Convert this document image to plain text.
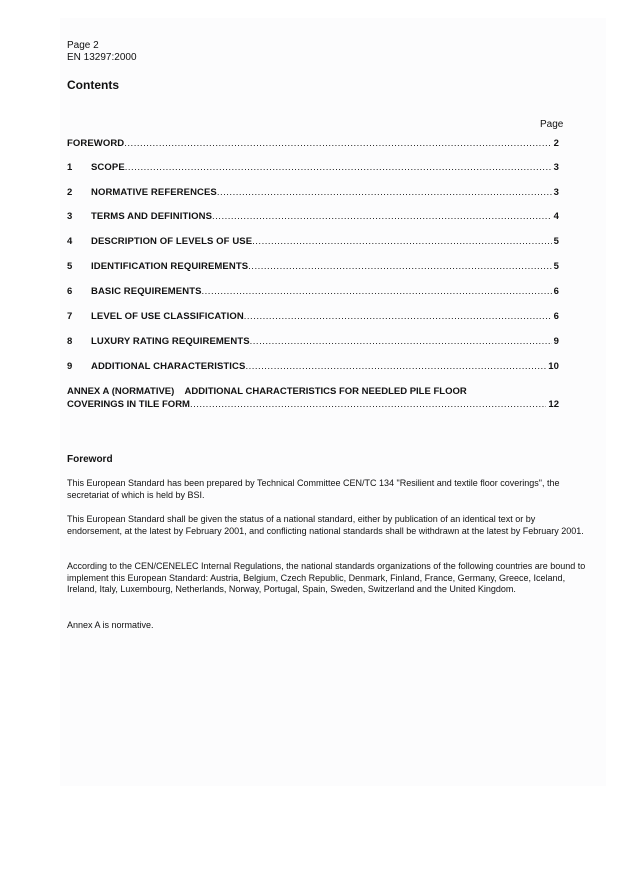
Page 2
EN 13297:2000
Contents
Page
FOREWORD .....	2
1	SCOPE .....	3
2	NORMATIVE REFERENCES .....	3
3	TERMS AND DEFINITIONS .....	4
4	DESCRIPTION OF LEVELS OF USE .....	5
5	IDENTIFICATION REQUIREMENTS .....	5
6	BASIC REQUIREMENTS .....	6
7	LEVEL OF USE CLASSIFICATION .....	6
8	LUXURY RATING REQUIREMENTS .....	9
9	ADDITIONAL CHARACTERISTICS .....	10
ANNEX A (NORMATIVE)    ADDITIONAL CHARACTERISTICS FOR NEEDLED PILE FLOOR
COVERINGS IN TILE FORM .....	12
Foreword
This European Standard has been prepared by Technical Committee CEN/TC 134 "Resilient and textile floor coverings", the secretariat of which is held by BSI.
This European Standard shall be given the status of a national standard, either by publication of an identical text or by endorsement, at the latest by February 2001, and conflicting national standards shall be withdrawn at the latest by February 2001.
According to the CEN/CENELEC Internal Regulations, the national standards organizations of the following countries are bound to implement this European Standard: Austria, Belgium, Czech Republic, Denmark, Finland, France, Germany, Greece, Iceland, Ireland, Italy, Luxembourg, Netherlands, Norway, Portugal, Spain, Sweden, Switzerland and the United Kingdom.
Annex A is normative.
